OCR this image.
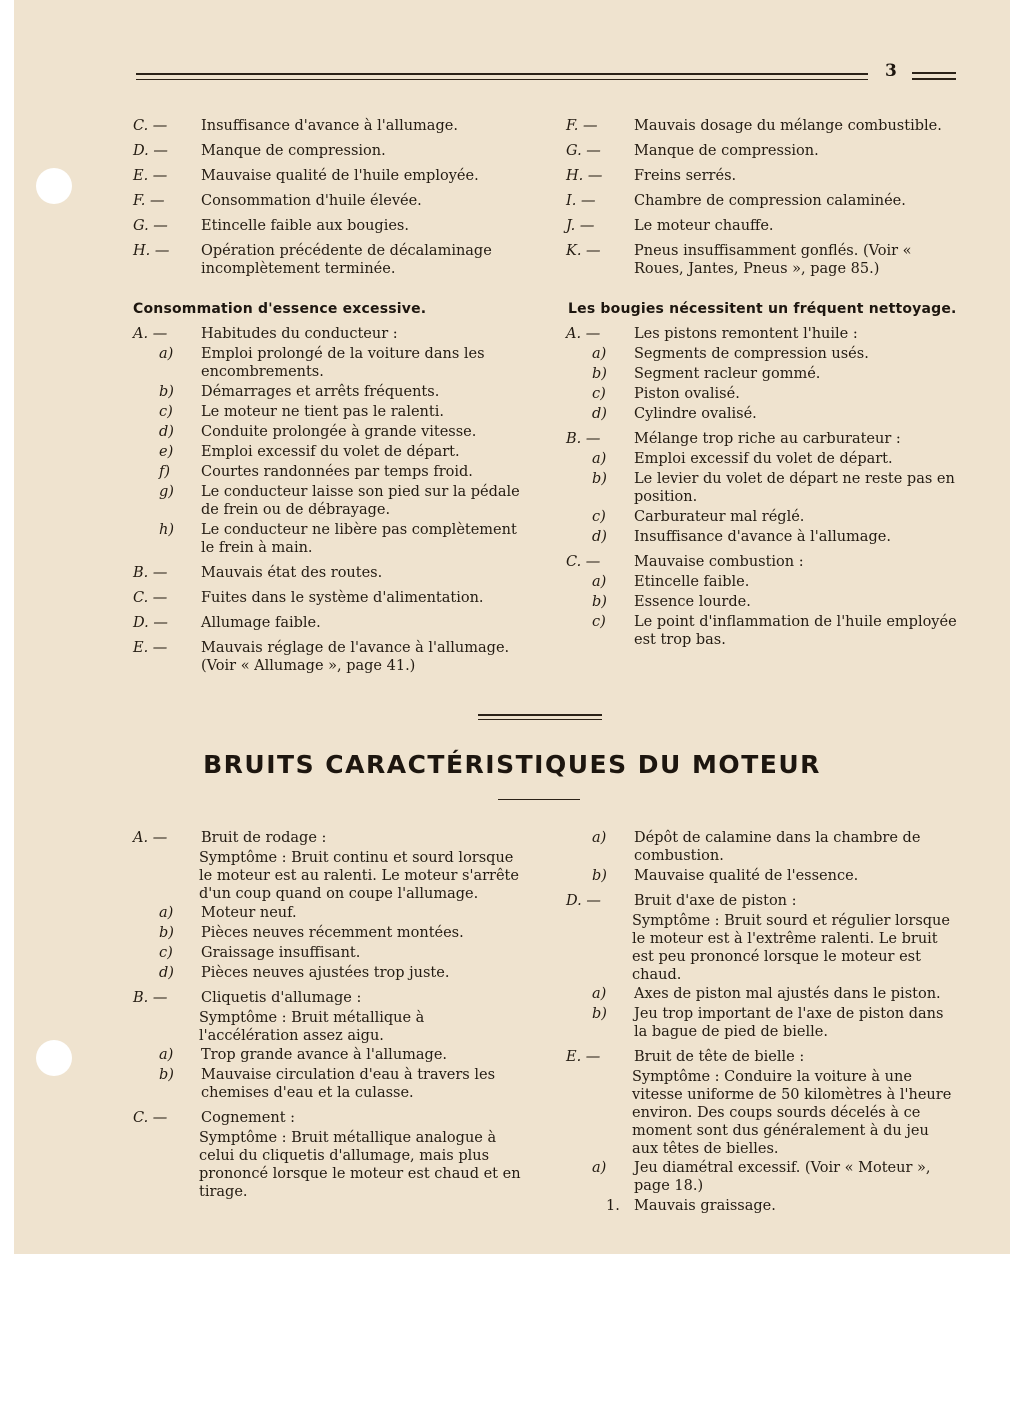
3
C. — Insuffisance d'avance à l'allumage.
D. — Manque de compression.
E. — Mauvaise qualité de l'huile employée.
F. —	Consommation d'huile élevée.
G. — Etincelle faible aux bougies.
H. — Opération précédente de décalaminage incomplètement terminée.
Consommation d'essence excessive.
A. — Habitudes du conducteur :
a) Emploi prolongé de la voiture dans les encombrements.
b) Démarrages et arrêts fréquents.
c) Le moteur ne tient pas le ralenti.
d) Conduite prolongée à grande vitesse.
e) Emploi excessif du volet de départ.
f) Courtes randonnées par temps froid.
g) Le conducteur laisse son pied sur la pédale de frein ou de débrayage.
h) Le conducteur ne libère pas complètement le frein à main.
B. — Mauvais état des routes.
C. — Fuites dans le système d'alimentation.
D. — Allumage faible.
E. — Mauvais réglage de l'avance à l'allumage. (Voir « Allumage », page 41.)
F. —	Mauvais dosage du mélange combustible.
G. — Manque de compression.
H. — Freins serrés.
I. —	Chambre de compression calaminée.
J. —	Le moteur chauffe.
K. — Pneus insuffisamment gonflés. (Voir « Roues, Jantes, Pneus », page 85.)
Les bougies nécessitent un fréquent nettoyage.
A. — Les pistons remontent l'huile :
a) Segments de compression usés.
b) Segment racleur gommé.
c) Piston ovalisé.
d) Cylindre ovalisé.
B. — Mélange trop riche au carburateur :
a) Emploi excessif du volet de départ.
b) Le levier du volet de départ ne reste pas en position.
c) Carburateur mal réglé.
d) Insuffisance d'avance à l'allumage.
C. — Mauvaise combustion :
a) Etincelle faible.
b) Essence lourde.
c) Le point d'inflammation de l'huile employée est trop bas.
BRUITS CARACTÉRISTIQUES DU MOTEUR
A. — Bruit de rodage :
Symptôme : Bruit continu et sourd lorsque le moteur est au ralenti. Le moteur s'arrête d'un coup quand on coupe l'allumage.
a) Moteur neuf.
b) Pièces neuves récemment montées.
c) Graissage insuffisant.
d) Pièces neuves ajustées trop juste.
B. — Cliquetis d'allumage :
Symptôme : Bruit métallique à l'accélération assez aigu.
a) Trop grande avance à l'allumage.
b) Mauvaise circulation d'eau à travers les chemises d'eau et la culasse.
C. — Cognement :
Symptôme : Bruit métallique analogue à celui du cliquetis d'allumage, mais plus prononcé lorsque le moteur est chaud et en tirage.
a) Dépôt de calamine dans la chambre de combustion.
b) Mauvaise qualité de l'essence.
D. — Bruit d'axe de piston :
Symptôme : Bruit sourd et régulier lorsque le moteur est à l'extrême ralenti. Le bruit est peu prononcé lorsque le moteur est chaud.
a) Axes de piston mal ajustés dans le piston.
b) Jeu trop important de l'axe de piston dans la bague de pied de bielle.
E. — Bruit de tête de bielle :
Symptôme : Conduire la voiture à une vitesse uniforme de 50 kilomètres à l'heure environ. Des coups sourds décelés à ce moment sont dus généralement à du jeu aux têtes de bielles.
a) Jeu diamétral excessif. (Voir « Moteur », page 18.)
1. Mauvais graissage.
